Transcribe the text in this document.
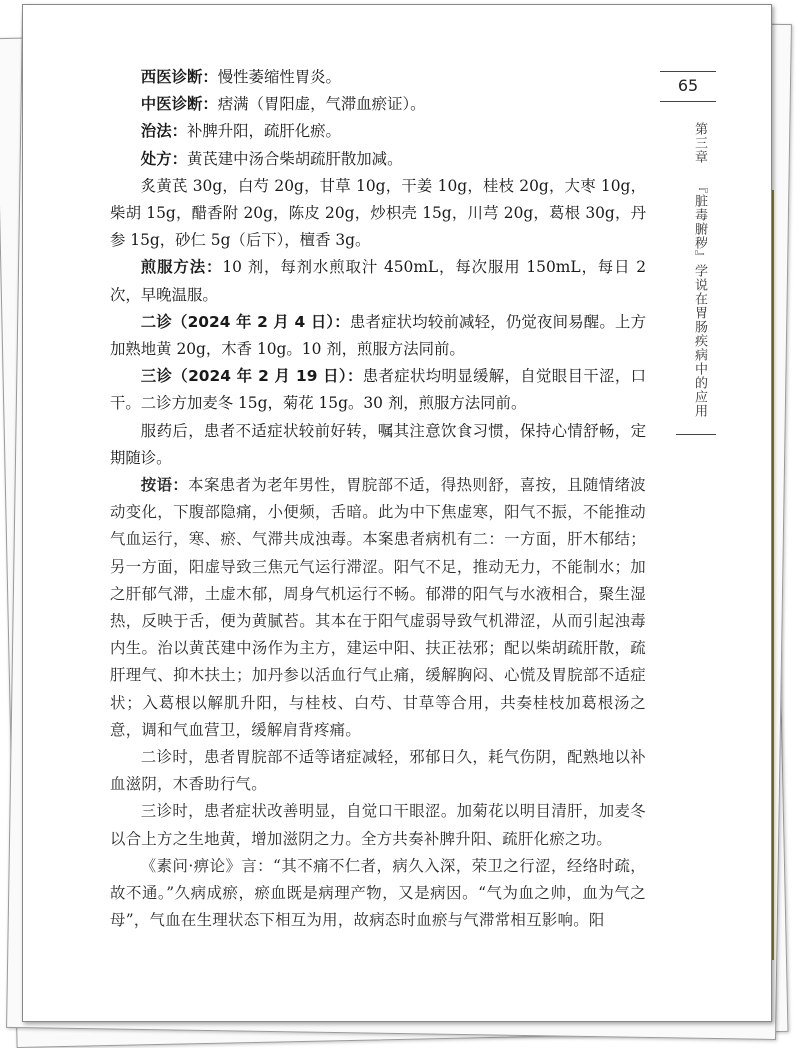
65
第三章 『脏毒腑秽』学说在胃肠疾病中的应用

西医诊断：慢性萎缩性胃炎。

中医诊断：痞满（胃阳虚，气滞血瘀证）。

治法：补脾升阳，疏肝化瘀。

处方：黄芪建中汤合柴胡疏肝散加减。

炙黄芪 30g，白芍 20g，甘草 10g，干姜 10g，桂枝 20g，大枣 10g，柴胡 15g，醋香附 20g，陈皮 20g，炒枳壳 15g，川芎 20g，葛根 30g，丹参 15g，砂仁 5g（后下），檀香 3g。

煎服方法：10 剂，每剂水煎取汁 450mL，每次服用 150mL，每日 2 次，早晚温服。

二诊（2024 年 2 月 4 日）：患者症状均较前减轻，仍觉夜间易醒。上方加熟地黄 20g，木香 10g。10 剂，煎服方法同前。

三诊（2024 年 2 月 19 日）：患者症状均明显缓解，自觉眼目干涩，口干。二诊方加麦冬 15g，菊花 15g。30 剂，煎服方法同前。

服药后，患者不适症状较前好转，嘱其注意饮食习惯，保持心情舒畅，定期随诊。

按语：本案患者为老年男性，胃脘部不适，得热则舒，喜按，且随情绪波动变化，下腹部隐痛，小便频，舌暗。此为中下焦虚寒，阳气不振，不能推动气血运行，寒、瘀、气滞共成浊毒。本案患者病机有二：一方面，肝木郁结；另一方面，阳虚导致三焦元气运行滞涩。阳气不足，推动无力，不能制水；加之肝郁气滞，土虚木郁，周身气机运行不畅。郁滞的阳气与水液相合，聚生湿热，反映于舌，便为黄腻苔。其本在于阳气虚弱导致气机滞涩，从而引起浊毒内生。治以黄芪建中汤作为主方，建运中阳、扶正祛邪；配以柴胡疏肝散，疏肝理气、抑木扶土；加丹参以活血行气止痛，缓解胸闷、心慌及胃脘部不适症状；入葛根以解肌升阳，与桂枝、白芍、甘草等合用，共奏桂枝加葛根汤之意，调和气血营卫，缓解肩背疼痛。

二诊时，患者胃脘部不适等诸症减轻，邪郁日久，耗气伤阴，配熟地以补血滋阴，木香助行气。

三诊时，患者症状改善明显，自觉口干眼涩。加菊花以明目清肝，加麦冬以合上方之生地黄，增加滋阴之力。全方共奏补脾升阳、疏肝化瘀之功。

《素问·痹论》言：“其不痛不仁者，病久入深，荣卫之行涩，经络时疏，故不通。”久病成瘀，瘀血既是病理产物，又是病因。“气为血之帅，血为气之母”，气血在生理状态下相互为用，故病态时血瘀与气滞常相互影响。阳
